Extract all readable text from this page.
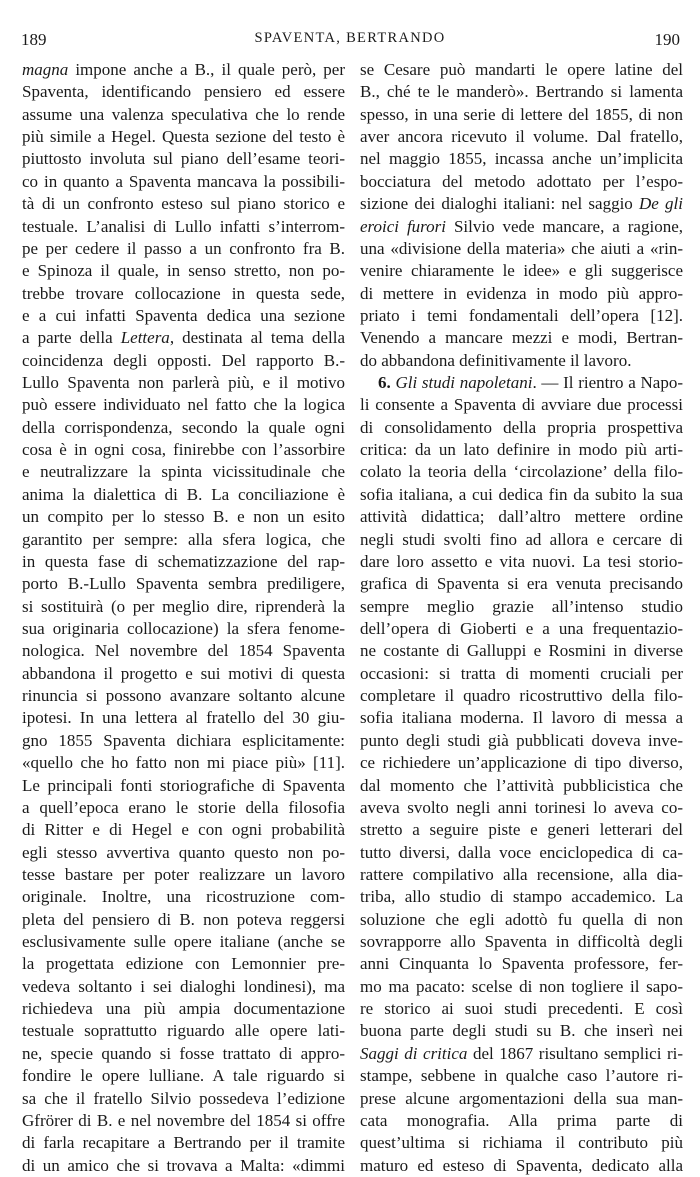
189	SPAVENTA, BERTRANDO	190
magna impone anche a B., il quale però, per
Spaventa, identificando pensiero ed essere
assume una valenza speculativa che lo rende
più simile a Hegel. Questa sezione del testo è
piuttosto involuta sul piano dell’esame teori-
co in quanto a Spaventa mancava la possibili-
tà di un confronto esteso sul piano storico e
testuale. L’analisi di Lullo infatti s’interrom-
pe per cedere il passo a un confronto fra B.
e Spinoza il quale, in senso stretto, non po-
trebbe trovare collocazione in questa sede,
e a cui infatti Spaventa dedica una sezione
a parte della Lettera, destinata al tema della
coincidenza degli opposti. Del rapporto B.-
Lullo Spaventa non parlerà più, e il motivo
può essere individuato nel fatto che la logica
della corrispondenza, secondo la quale ogni
cosa è in ogni cosa, finirebbe con l’assorbire
e neutralizzare la spinta vicissitudinale che
anima la dialettica di B. La conciliazione è
un compito per lo stesso B. e non un esito
garantito per sempre: alla sfera logica, che
in questa fase di schematizzazione del rap-
porto B.-Lullo Spaventa sembra prediligere,
si sostituirà (o per meglio dire, riprenderà la
sua originaria collocazione) la sfera fenome-
nologica. Nel novembre del 1854 Spaventa
abbandona il progetto e sui motivi di questa
rinuncia si possono avanzare soltanto alcune
ipotesi. In una lettera al fratello del 30 giu-
gno 1855 Spaventa dichiara esplicitamente:
«quello che ho fatto non mi piace più» [11].
Le principali fonti storiografiche di Spaventa
a quell’epoca erano le storie della filosofia
di Ritter e di Hegel e con ogni probabilità
egli stesso avvertiva quanto questo non po-
tesse bastare per poter realizzare un lavoro
originale. Inoltre, una ricostruzione com-
pleta del pensiero di B. non poteva reggersi
esclusivamente sulle opere italiane (anche se
la progettata edizione con Lemonnier pre-
vedeva soltanto i sei dialoghi londinesi), ma
richiedeva una più ampia documentazione
testuale soprattutto riguardo alle opere lati-
ne, specie quando si fosse trattato di appro-
fondire le opere lulliane. A tale riguardo si
sa che il fratello Silvio possedeva l’edizione
Gfrörer di B. e nel novembre del 1854 si offre
di farla recapitare a Bertrando per il tramite
di un amico che si trovava a Malta: «dimmi
se Cesare può mandarti le opere latine del
B., ché te le manderò». Bertrando si lamenta
spesso, in una serie di lettere del 1855, di non
aver ancora ricevuto il volume. Dal fratello,
nel maggio 1855, incassa anche un’implicita
bocciatura del metodo adottato per l’espo-
sizione dei dialoghi italiani: nel saggio De gli
eroici furori Silvio vede mancare, a ragione,
una «divisione della materia» che aiuti a «rin-
venire chiaramente le idee» e gli suggerisce
di mettere in evidenza in modo più appro-
priato i temi fondamentali dell’opera [12].
Venendo a mancare mezzi e modi, Bertran-
do abbandona definitivamente il lavoro.
6. Gli studi napoletani. — Il rientro a Napo-
li consente a Spaventa di avviare due processi
di consolidamento della propria prospettiva
critica: da un lato definire in modo più arti-
colato la teoria della ‘circolazione’ della filo-
sofia italiana, a cui dedica fin da subito la sua
attività didattica; dall’altro mettere ordine
negli studi svolti fino ad allora e cercare di
dare loro assetto e vita nuovi. La tesi storio-
grafica di Spaventa si era venuta precisando
sempre meglio grazie all’intenso studio
dell’opera di Gioberti e a una frequentazio-
ne costante di Galluppi e Rosmini in diverse
occasioni: si tratta di momenti cruciali per
completare il quadro ricostruttivo della filo-
sofia italiana moderna. Il lavoro di messa a
punto degli studi già pubblicati doveva inve-
ce richiedere un’applicazione di tipo diverso,
dal momento che l’attività pubblicistica che
aveva svolto negli anni torinesi lo aveva co-
stretto a seguire piste e generi letterari del
tutto diversi, dalla voce enciclopedica di ca-
rattere compilativo alla recensione, alla dia-
triba, allo studio di stampo accademico. La
soluzione che egli adottò fu quella di non
sovrapporre allo Spaventa in difficoltà degli
anni Cinquanta lo Spaventa professore, fer-
mo ma pacato: scelse di non togliere il sapo-
re storico ai suoi studi precedenti. E così
buona parte degli studi su B. che inserì nei
Saggi di critica del 1867 risultano semplici ri-
stampe, sebbene in qualche caso l’autore ri-
prese alcune argomentazioni della sua man-
cata monografia. Alla prima parte di
quest’ultima si richiama il contributo più
maturo ed esteso di Spaventa, dedicato alla
